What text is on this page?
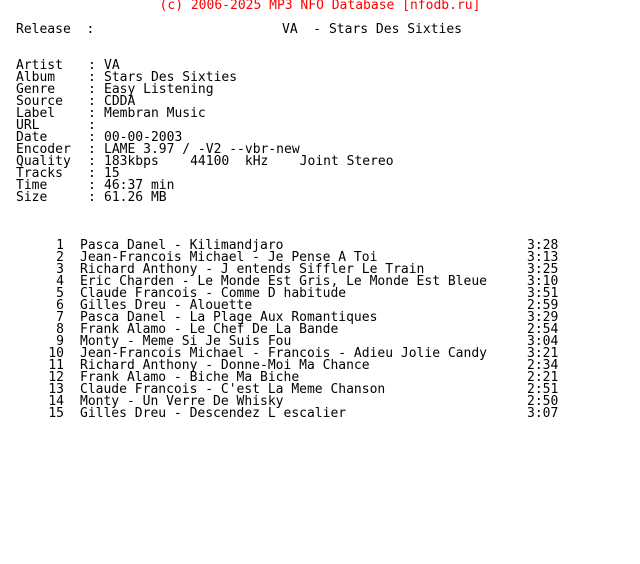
(c) 2006-2025 MP3 NFO Database [nfodb.ru]

Release :

	VA  - Stars Des Sixties

Artist : VA
Album	: Stars Des Sixties
Genre	: Easy Listening
Source : CDDA
Label	: Membran Music
URL	:
Date	: 00-00-2003
Encoder : LAME 3.97 / -V2 --vbr-new
Quality : 183kbps    44100  kHz    Joint Stereo
Tracks : 15
Time	: 46:37 min
Size	: 61.26 MB

1 Pasca Danel - Kilimandjaro	3:28
2 Jean-Francois Michael - Je Pense A Toi	3:13
3 Richard Anthony - J entends Siffler Le Train	3:25
4 Eric Charden - Le Monde Est Gris, Le Monde Est Bleue	3:10
5 Claude Francois - Comme D habitude	3:51
6 Gilles Dreu - Alouette	2:59
7 Pasca Danel - La Plage Aux Romantiques	3:29
8 Frank Alamo - Le Chef De La Bande	2:54
9 Monty - Meme Si Je Suis Fou	3:04
10 Jean-Francois Michael - Francois - Adieu Jolie Candy	3:21
11 Richard Anthony - Donne-Moi Ma Chance	2:34
12 Frank Alamo - Biche Ma Biche	2:21
13 Claude Francois - C'est La Meme Chanson	2:51
14 Monty - Un Verre De Whisky	2:50
15 Gilles Dreu - Descendez L escalier	3:07
